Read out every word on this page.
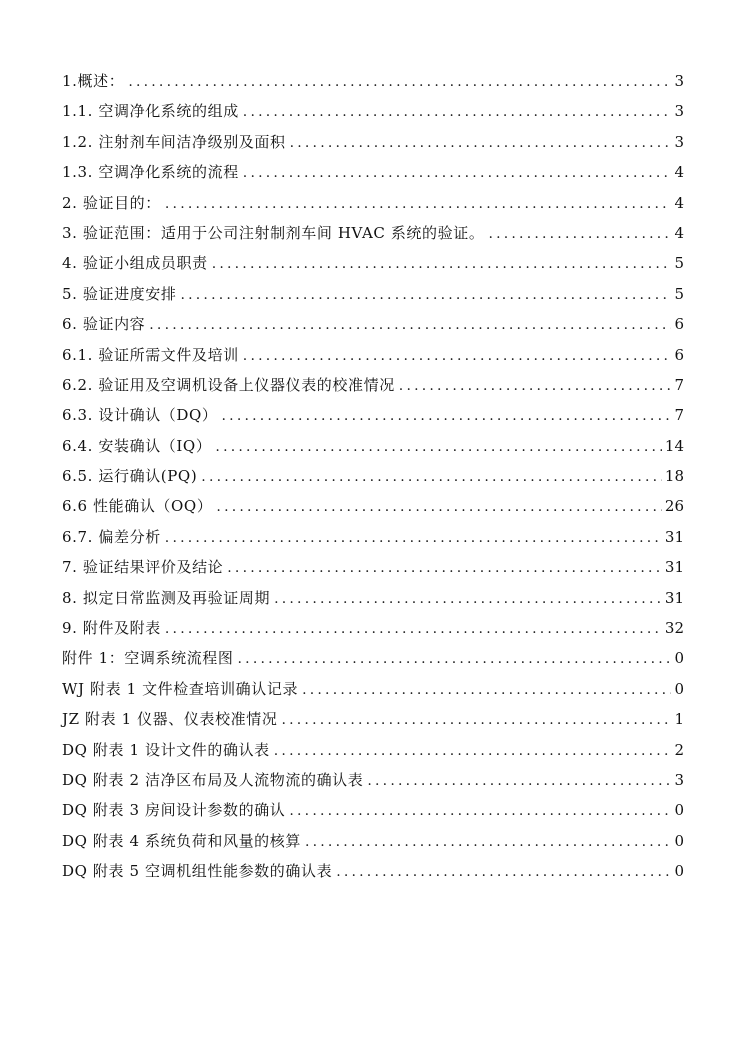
1.概述： .....	3
1.1. 空调净化系统的组成 .....	3
1.2. 注射剂车间洁净级别及面积 .....	3
1.3. 空调净化系统的流程 .....	4
2. 验证目的： .....	4
3. 验证范围：适用于公司注射制剂车间 HVAC 系统的验证。 .....	4
4. 验证小组成员职责 .....	5
5. 验证进度安排 .....	5
6. 验证内容 .....	6
6.1. 验证所需文件及培训 .....	6
6.2. 验证用及空调机设备上仪器仪表的校准情况 .....	7
6.3. 设计确认（DQ） .....	7
6.4. 安装确认（IQ） .....	14
6.5. 运行确认(PQ) .....	18
6.6 性能确认（OQ） .....	26
6.7. 偏差分析 .....	31
7. 验证结果评价及结论 .....	31
8. 拟定日常监测及再验证周期 .....	31
9. 附件及附表 .....	32
附件 1：空调系统流程图 .....	0
WJ 附表 1 文件检查培训确认记录 .....	0
JZ 附表 1 仪器、仪表校准情况 .....	1
DQ 附表 1 设计文件的确认表 .....	2
DQ 附表 2 洁净区布局及人流物流的确认表 .....	3
DQ 附表 3 房间设计参数的确认 .....	0
DQ 附表 4 系统负荷和风量的核算 .....	0
DQ 附表 5 空调机组性能参数的确认表 .....	0
